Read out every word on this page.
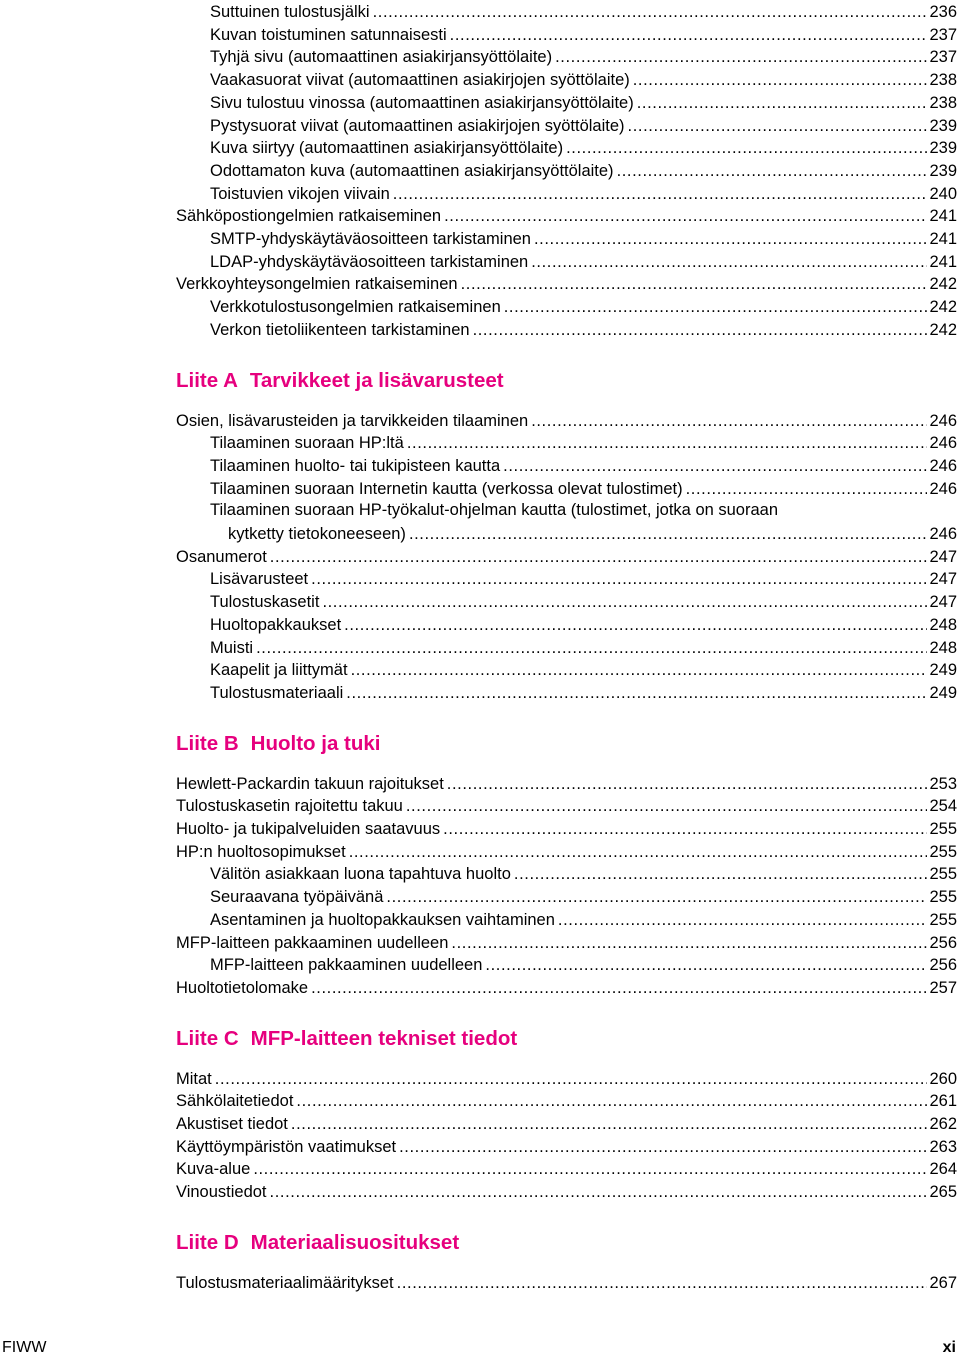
Suttuinen tulostusjälki .....	236
Kuvan toistuminen satunnaisesti .....	237
Tyhjä sivu (automaattinen asiakirjansyöttölaite) .....	237
Vaakasuorat viivat (automaattinen asiakirjojen syöttölaite) .....	238
Sivu tulostuu vinossa (automaattinen asiakirjansyöttölaite) .....	238
Pystysuorat viivat (automaattinen asiakirjojen syöttölaite) .....	239
Kuva siirtyy (automaattinen asiakirjansyöttölaite) .....	239
Odottamaton kuva (automaattinen asiakirjansyöttölaite) .....	239
Toistuvien vikojen viivain .....	240
Sähköpostiongelmien ratkaiseminen .....	241
SMTP-yhdyskäytäväosoitteen tarkistaminen .....	241
LDAP-yhdyskäytäväosoitteen tarkistaminen .....	241
Verkkoyhteysongelmien ratkaiseminen .....	242
Verkkotulostusongelmien ratkaiseminen .....	242
Verkon tietoliikenteen tarkistaminen .....	242
Liite A Tarvikkeet ja lisävarusteet
Osien, lisävarusteiden ja tarvikkeiden tilaaminen .....	246
Tilaaminen suoraan HP:ltä .....	246
Tilaaminen huolto- tai tukipisteen kautta .....	246
Tilaaminen suoraan Internetin kautta (verkossa olevat tulostimet) .....	246
Tilaaminen suoraan HP-työkalut-ohjelman kautta (tulostimet, jotka on suoraan
kytketty tietokoneeseen) .....	246
Osanumerot .....	247
Lisävarusteet .....	247
Tulostuskasetit .....	247
Huoltopakkaukset .....	248
Muisti .....	248
Kaapelit ja liittymät .....	249
Tulostusmateriaali .....	249
Liite B Huolto ja tuki
Hewlett-Packardin takuun rajoitukset .....	253
Tulostuskasetin rajoitettu takuu .....	254
Huolto- ja tukipalveluiden saatavuus .....	255
HP:n huoltosopimukset .....	255
Välitön asiakkaan luona tapahtuva huolto .....	255
Seuraavana työpäivänä .....	255
Asentaminen ja huoltopakkauksen vaihtaminen .....	255
MFP-laitteen pakkaaminen uudelleen .....	256
MFP-laitteen pakkaaminen uudelleen .....	256
Huoltotietolomake .....	257
Liite C MFP-laitteen tekniset tiedot
Mitat .....	260
Sähkölaitetiedot .....	261
Akustiset tiedot .....	262
Käyttöympäristön vaatimukset .....	263
Kuva-alue .....	264
Vinoustiedot .....	265
Liite D Materiaalisuositukset
Tulostusmateriaalimääritykset .....	267
FIWW	xi
